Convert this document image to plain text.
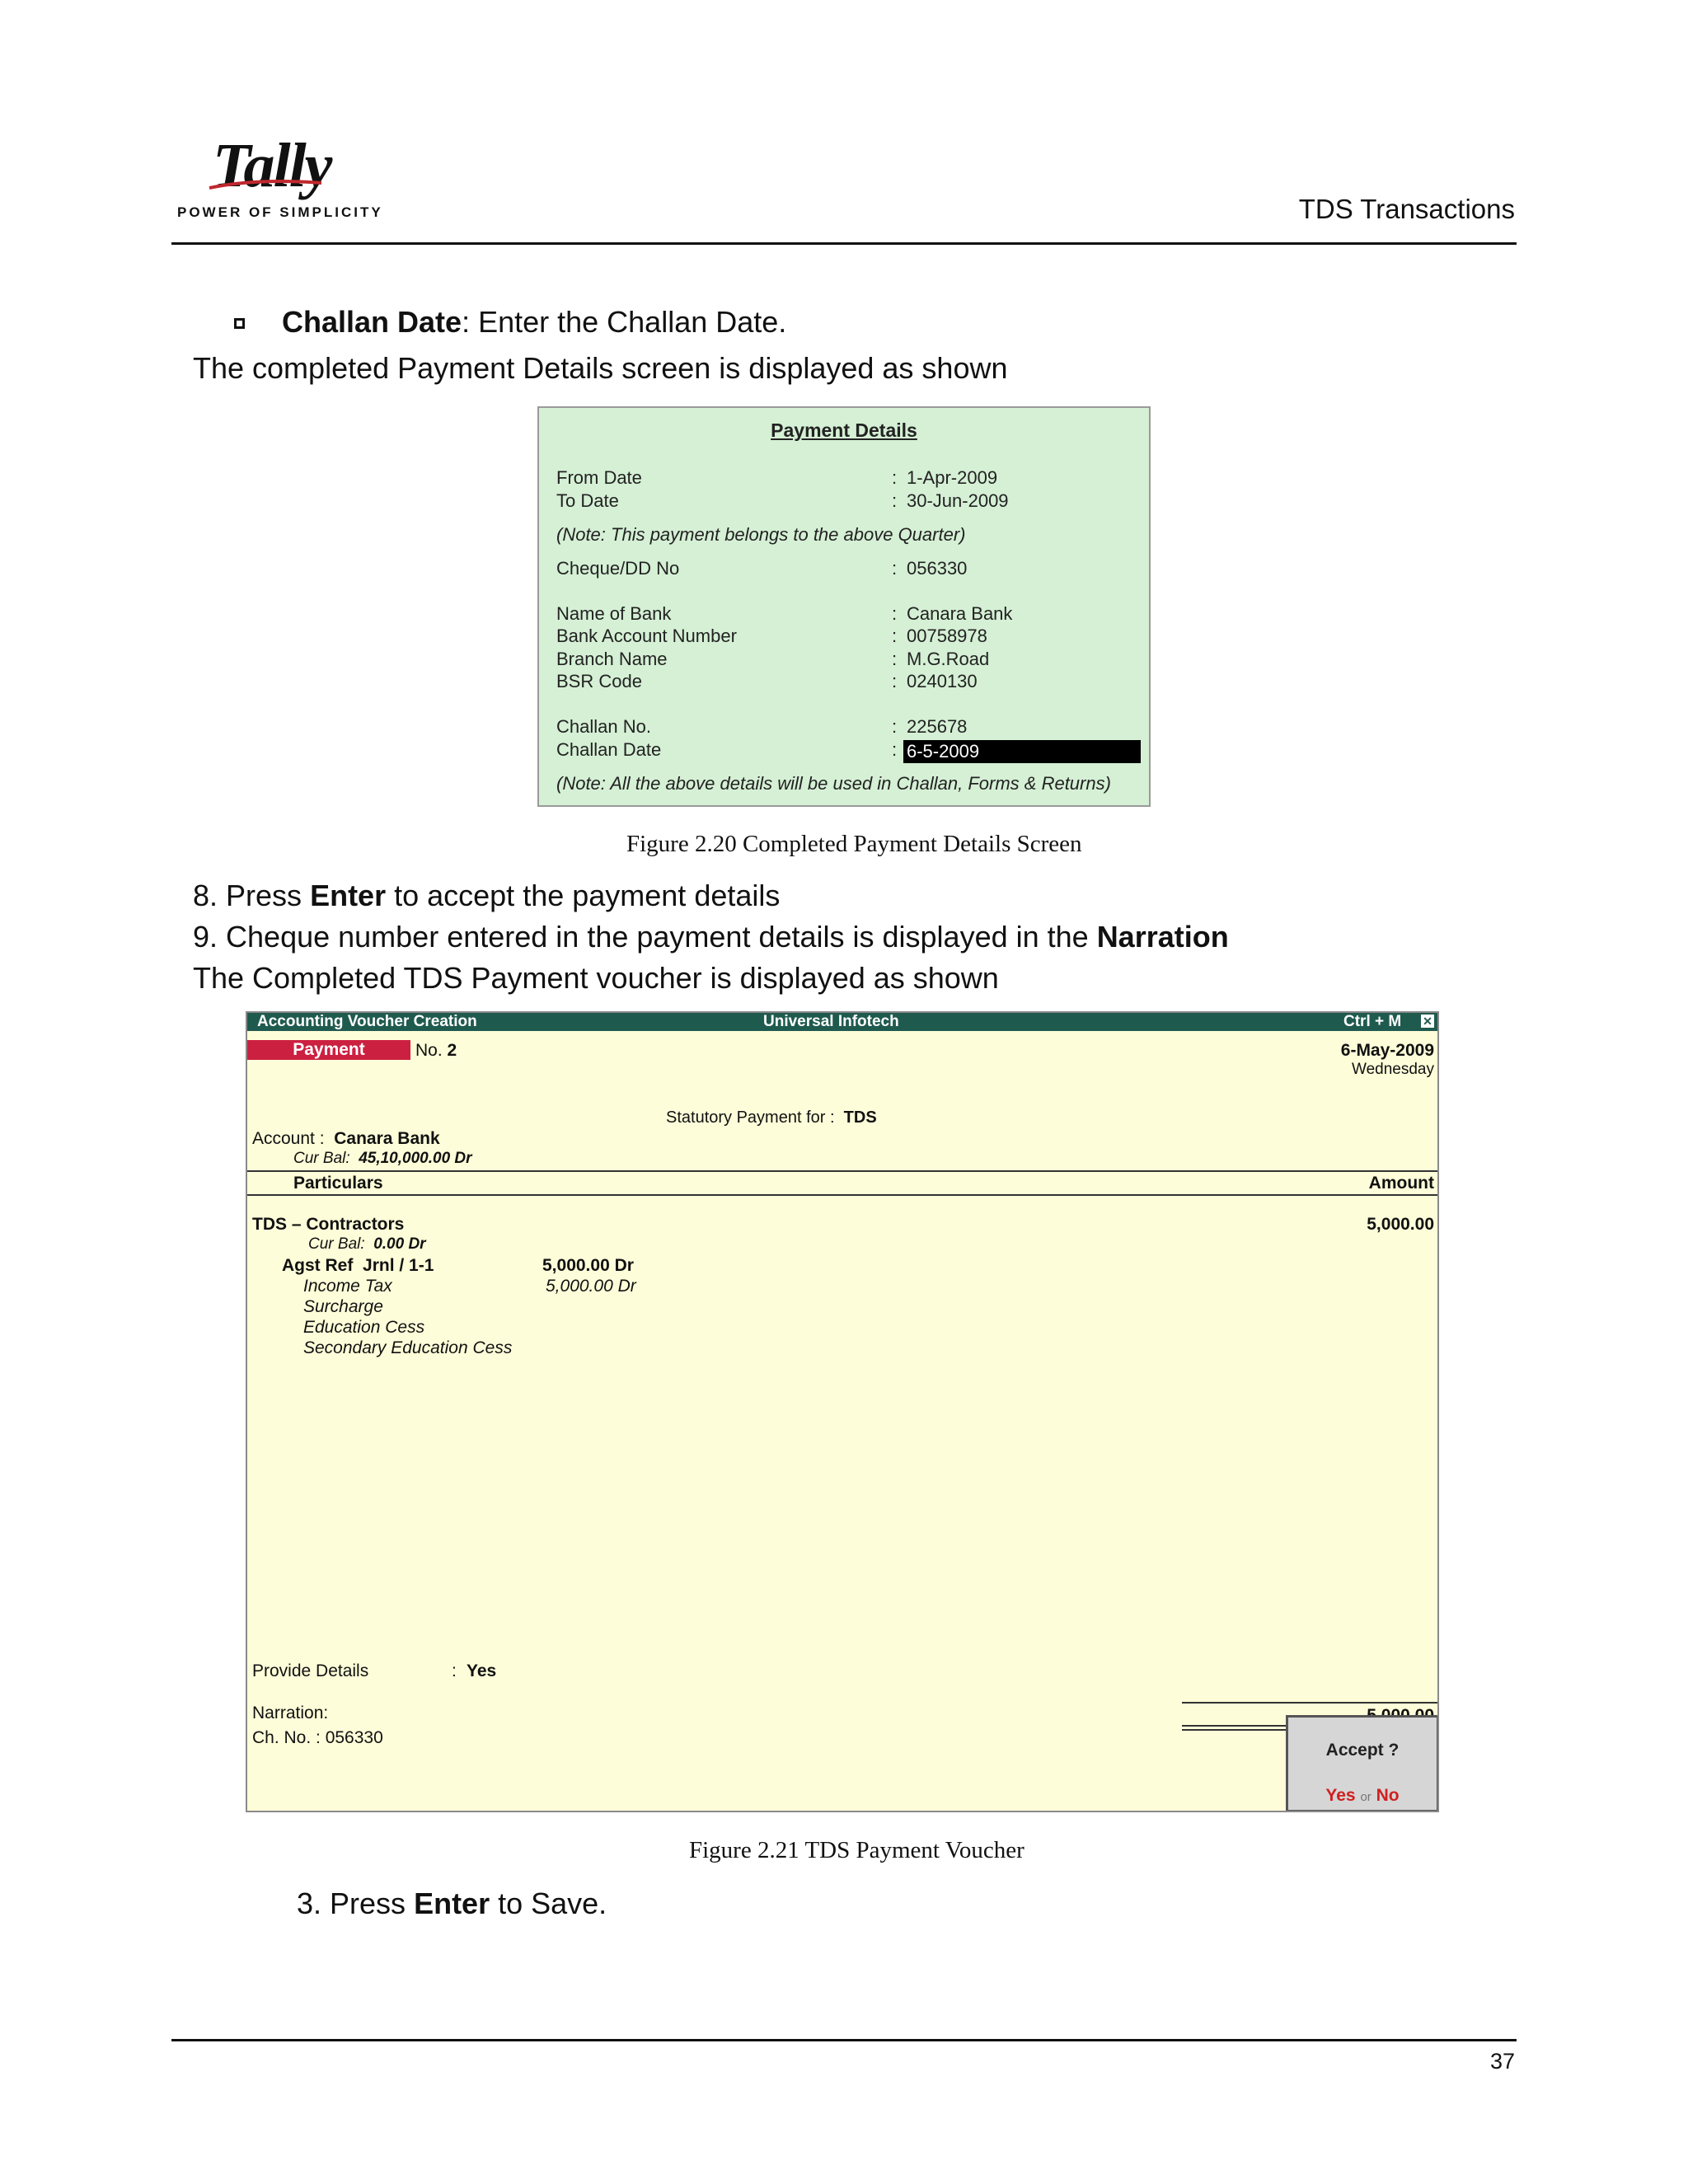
Tally
POWER OF SIMPLICITY	TDS Transactions
Challan Date: Enter the Challan Date.
The completed Payment Details screen is displayed as shown
Payment Details
From Date	: 1-Apr-2009
To Date	: 30-Jun-2009
(Note: This payment belongs to the above Quarter)
Cheque/DD No	: 056330
Name of Bank	: Canara Bank
Bank Account Number	: 00758978
Branch Name	: M.G.Road
BSR Code	: 0240130
Challan No.	: 225678
Challan Date	: 6-5-2009
(Note: All the above details will be used in Challan, Forms & Returns)
Figure 2.20 Completed Payment Details Screen
8. Press Enter to accept the payment details
9. Cheque number entered in the payment details is displayed in the Narration
The Completed TDS Payment voucher is displayed as shown
Accounting Voucher Creation	Universal Infotech	Ctrl + M ✕
Payment	No. 2	6-May-2009
Wednesday
Statutory Payment for : TDS
Account : Canara Bank
Cur Bal: 45,10,000.00 Dr
Particulars	Amount
TDS – Contractors	5,000.00
Cur Bal: 0.00 Dr
Agst Ref Jrnl / 1-1	5,000.00 Dr
Income Tax	5,000.00 Dr
Surcharge
Education Cess
Secondary Education Cess
Provide Details	: Yes
Narration:
Ch. No. : 056330
Accept ?
Yes or No
Figure 2.21 TDS Payment Voucher
3. Press Enter to Save.
37
